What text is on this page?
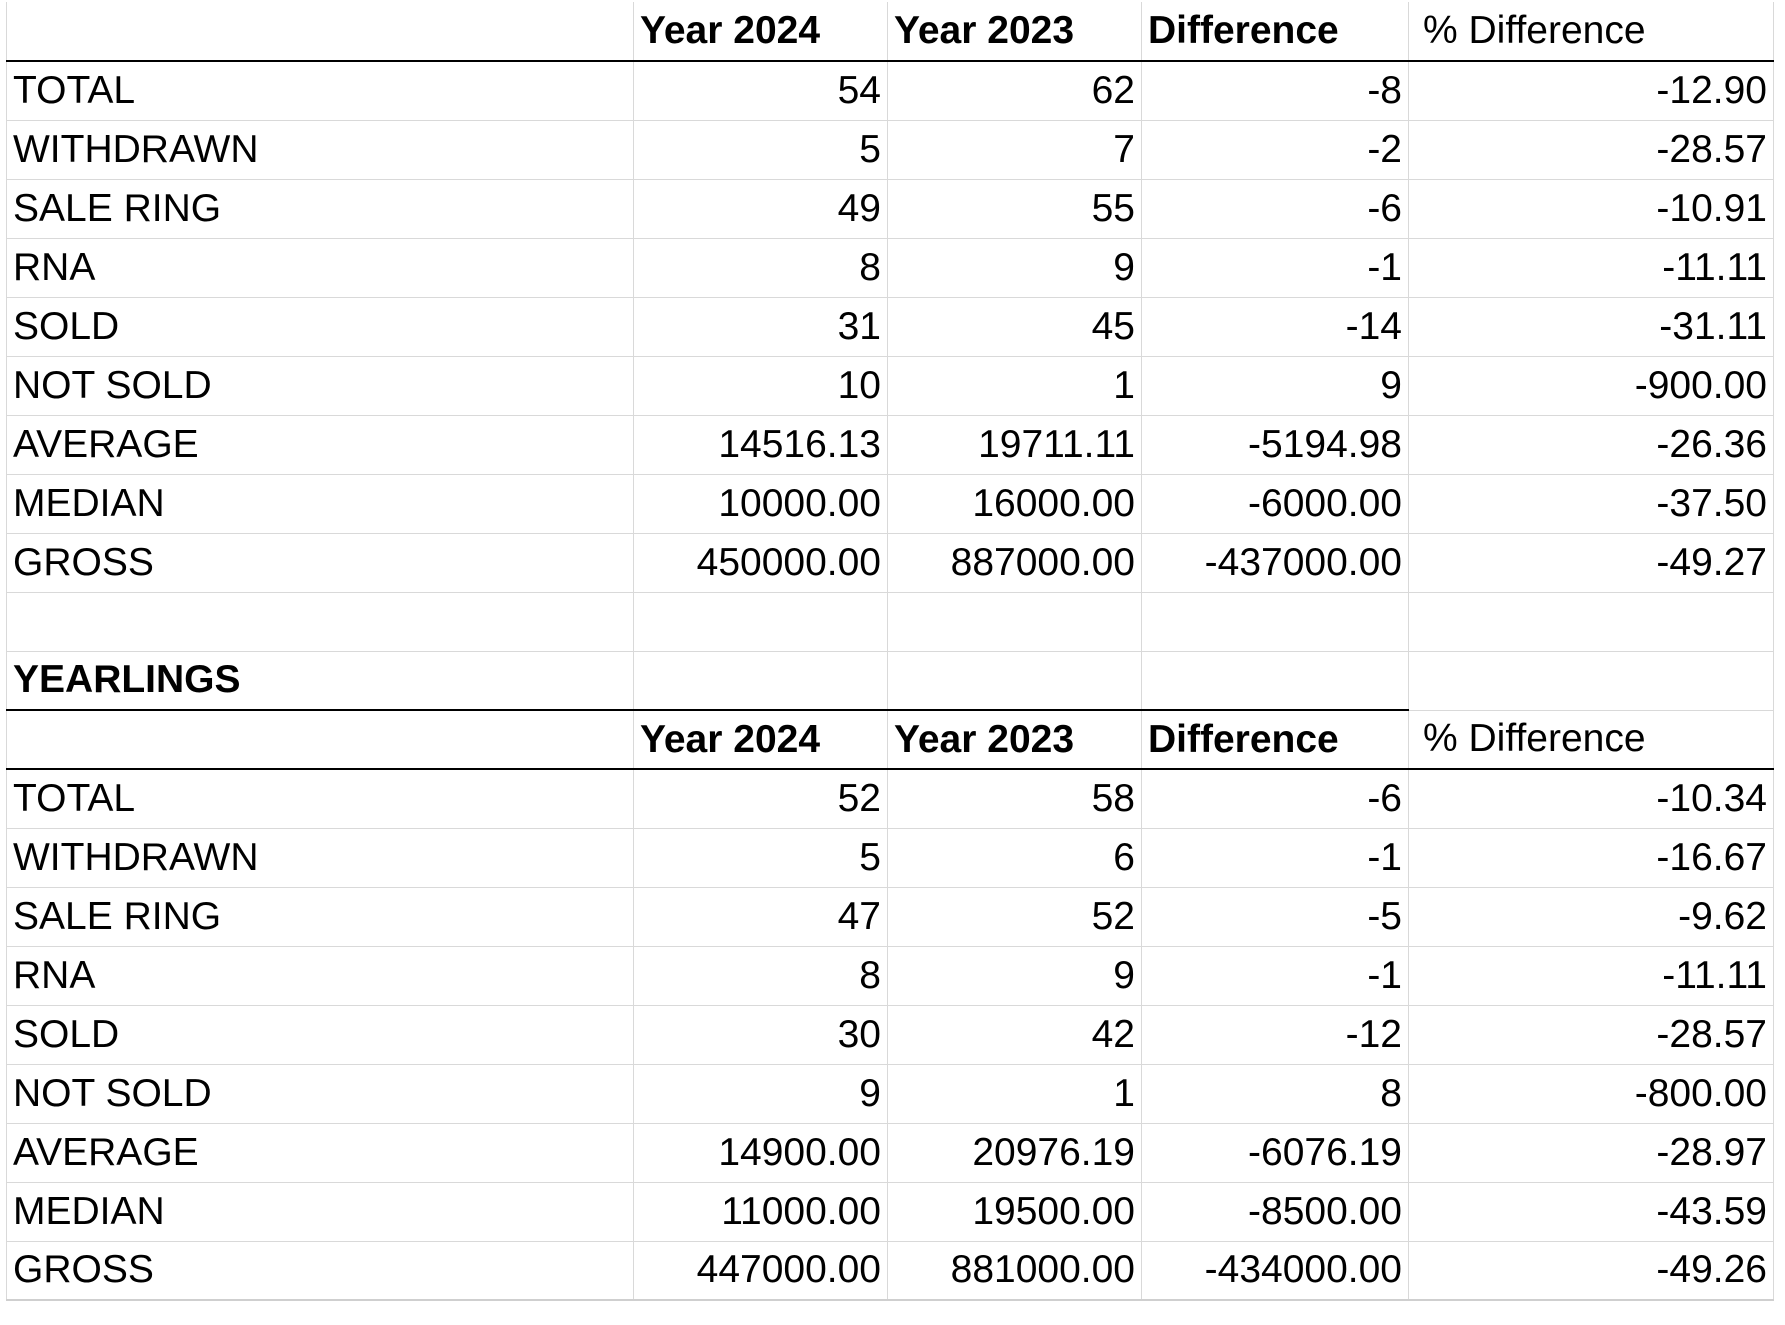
	Year 2024	Year 2023	Difference	% Difference
TOTAL	54	62	-8	-12.90
WITHDRAWN	5	7	-2	-28.57
SALE RING	49	55	-6	-10.91
RNA	8	9	-1	-11.11
SOLD	31	45	-14	-31.11
NOT SOLD	10	1	9	-900.00
AVERAGE	14516.13	19711.11	-5194.98	-26.36
MEDIAN	10000.00	16000.00	-6000.00	-37.50
GROSS	450000.00	887000.00	-437000.00	-49.27

YEARLINGS				
	Year 2024	Year 2023	Difference	% Difference
TOTAL	52	58	-6	-10.34
WITHDRAWN	5	6	-1	-16.67
SALE RING	47	52	-5	-9.62
RNA	8	9	-1	-11.11
SOLD	30	42	-12	-28.57
NOT SOLD	9	1	8	-800.00
AVERAGE	14900.00	20976.19	-6076.19	-28.97
MEDIAN	11000.00	19500.00	-8500.00	-43.59
GROSS	447000.00	881000.00	-434000.00	-49.26
